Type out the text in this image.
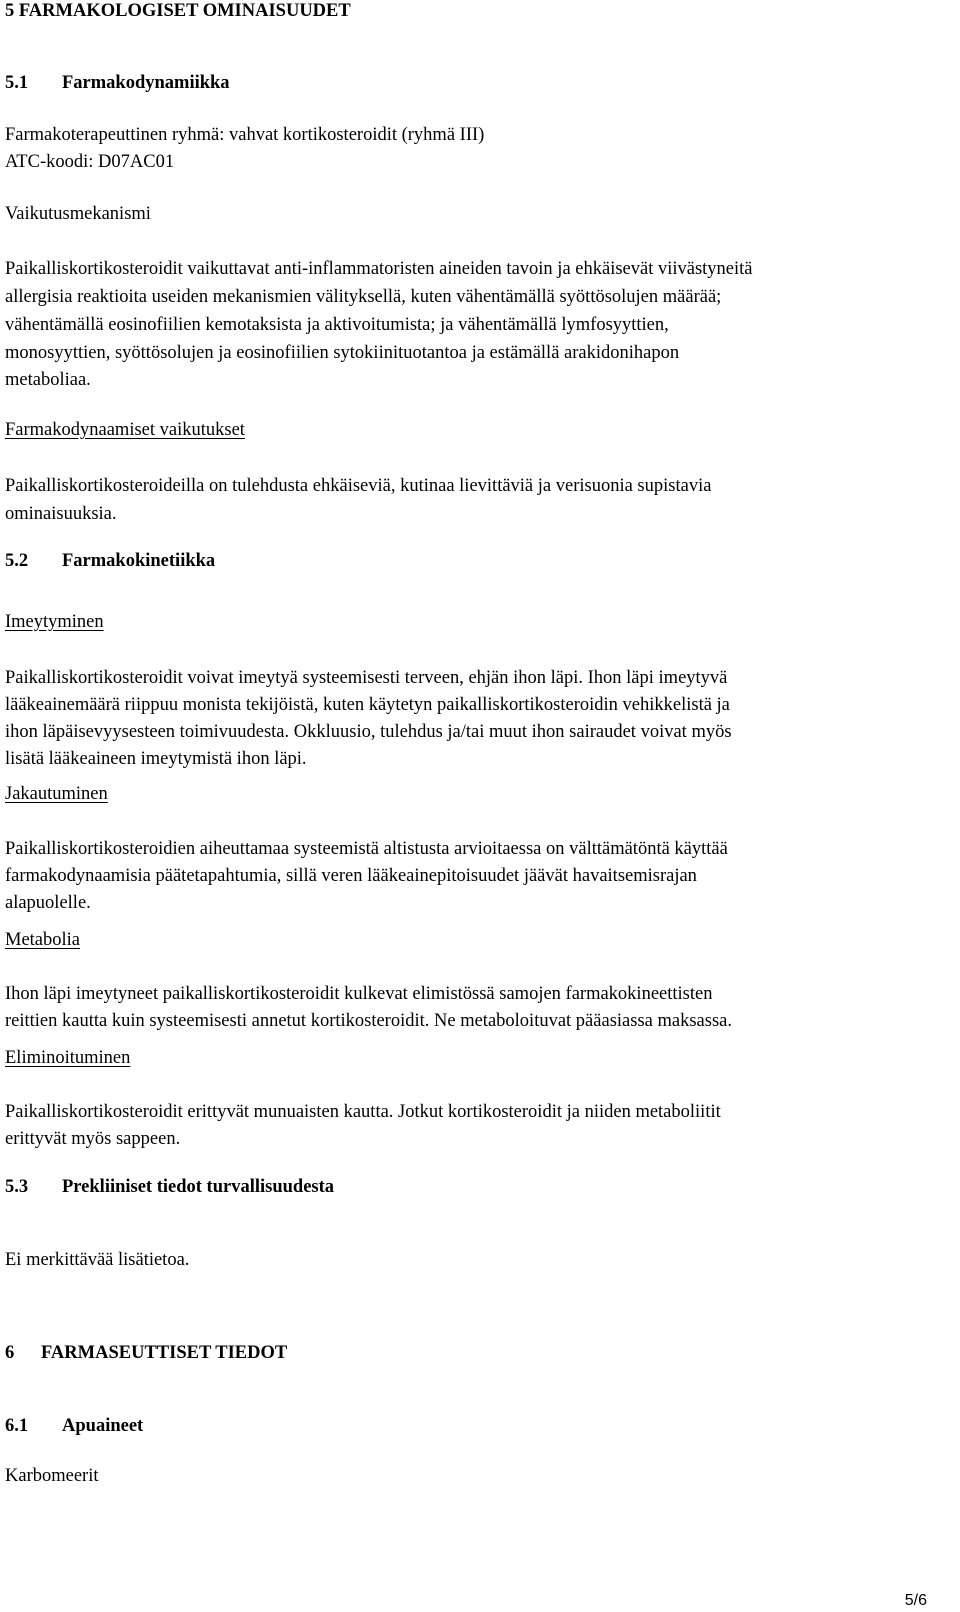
5 FARMAKOLOGISET OMINAISUUDET

5.1 Farmakodynamiikka

Farmakoterapeuttinen ryhmä: vahvat kortikosteroidit (ryhmä III)

ATC-koodi: D07AC01

Vaikutusmekanismi

Paikalliskortikosteroidit vaikuttavat anti-inflammatoristen aineiden tavoin ja ehkäisevät viivästyneitä

allergisia reaktioita useiden mekanismien välityksellä, kuten vähentämällä syöttösolujen määrää;

vähentämällä eosinofiilien kemotaksista ja aktivoitumista; ja vähentämällä lymfosyyttien,

monosyyttien, syöttösolujen ja eosinofiilien sytokiinituotantoa ja estämällä arakidonihapon

metaboliaa.

Farmakodynaamiset vaikutukset

Paikalliskortikosteroideilla on tulehdusta ehkäiseviä, kutinaa lievittäviä ja verisuonia supistavia

ominaisuuksia.

5.2 Farmakokinetiikka

Imeytyminen

Paikalliskortikosteroidit voivat imeytyä systeemisesti terveen, ehjän ihon läpi. Ihon läpi imeytyvä

lääkeainemäärä riippuu monista tekijöistä, kuten käytetyn paikalliskortikosteroidin vehikkelistä ja

ihon läpäisevyysesteen toimivuudesta. Okkluusio, tulehdus ja/tai muut ihon sairaudet voivat myös

lisätä lääkeaineen imeytymistä ihon läpi.

Jakautuminen

Paikalliskortikosteroidien aiheuttamaa systeemistä altistusta arvioitaessa on välttämätöntä käyttää

farmakodynaamisia päätetapahtumia, sillä veren lääkeainepitoisuudet jäävät havaitsemisrajan

alapuolelle.

Metabolia

Ihon läpi imeytyneet paikalliskortikosteroidit kulkevat elimistössä samojen farmakokineettisten

reittien kautta kuin systeemisesti annetut kortikosteroidit. Ne metaboloituvat pääasiassa maksassa.

Eliminoituminen

Paikalliskortikosteroidit erittyvät munuaisten kautta. Jotkut kortikosteroidit ja niiden metaboliitit

erittyvät myös sappeen.

5.3 Prekliiniset tiedot turvallisuudesta

Ei merkittävää lisätietoa.

6 FARMASEUTTISET TIEDOT

6.1 Apuaineet

Karbomeerit

5/6
